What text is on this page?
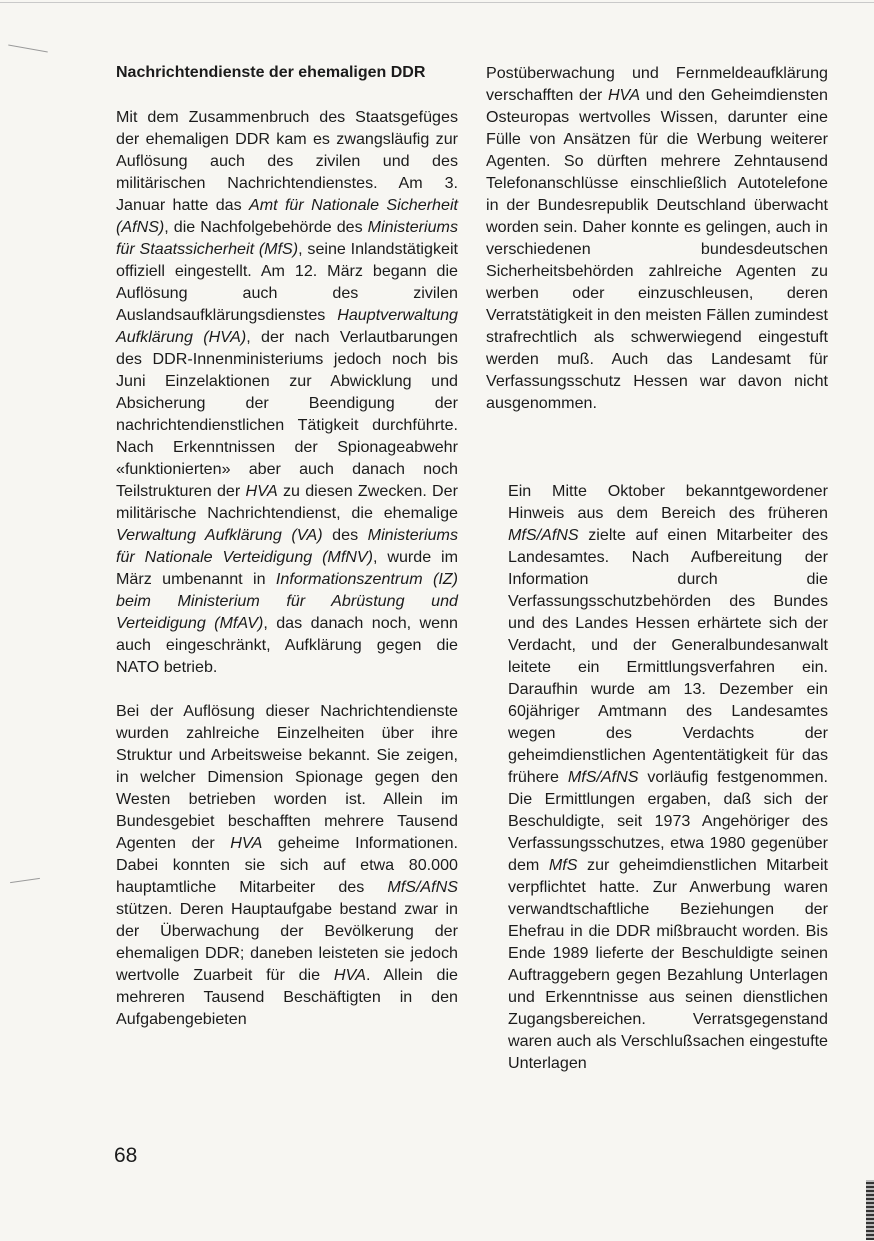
Nachrichtendienste der ehemaligen DDR

Mit dem Zusammenbruch des Staatsgefüges der ehemaligen DDR kam es zwangsläufig zur Auflösung auch des zivilen und des militärischen Nachrichtendienstes. Am 3. Januar hatte das Amt für Nationale Sicherheit (AfNS), die Nachfolgebehörde des Ministeriums für Staatssicherheit (MfS), seine Inlandstätigkeit offiziell eingestellt. Am 12. März begann die Auflösung auch des zivilen Auslandsaufklärungsdienstes Hauptverwaltung Aufklärung (HVA), der nach Verlautbarungen des DDR-Innenministeriums jedoch noch bis Juni Einzelaktionen zur Abwicklung und Absicherung der Beendigung der nachrichtendienstlichen Tätigkeit durchführte. Nach Erkenntnissen der Spionageabwehr «funktionierten» aber auch danach noch Teilstrukturen der HVA zu diesen Zwecken. Der militärische Nachrichtendienst, die ehemalige Verwaltung Aufklärung (VA) des Ministeriums für Nationale Verteidigung (MfNV), wurde im März umbenannt in Informationszentrum (IZ) beim Ministerium für Abrüstung und Verteidigung (MfAV), das danach noch, wenn auch eingeschränkt, Aufklärung gegen die NATO betrieb.

Bei der Auflösung dieser Nachrichtendienste wurden zahlreiche Einzelheiten über ihre Struktur und Arbeitsweise bekannt. Sie zeigen, in welcher Dimension Spionage gegen den Westen betrieben worden ist. Allein im Bundesgebiet beschafften mehrere Tausend Agenten der HVA geheime Informationen. Dabei konnten sie sich auf etwa 80.000 hauptamtliche Mitarbeiter des MfS/AfNS stützen. Deren Hauptaufgabe bestand zwar in der Überwachung der Bevölkerung der ehemaligen DDR; daneben leisteten sie jedoch wertvolle Zuarbeit für die HVA. Allein die mehreren Tausend Beschäftigten in den Aufgabengebieten

Postüberwachung und Fernmeldeaufklärung verschafften der HVA und den Geheimdiensten Osteuropas wertvolles Wissen, darunter eine Fülle von Ansätzen für die Werbung weiterer Agenten. So dürften mehrere Zehntausend Telefonanschlüsse einschließlich Autotelefone in der Bundesrepublik Deutschland überwacht worden sein. Daher konnte es gelingen, auch in verschiedenen bundesdeutschen Sicherheitsbehörden zahlreiche Agenten zu werben oder einzuschleusen, deren Verratstätigkeit in den meisten Fällen zumindest strafrechtlich als schwerwiegend eingestuft werden muß. Auch das Landesamt für Verfassungsschutz Hessen war davon nicht ausgenommen.

Ein Mitte Oktober bekanntgewordener Hinweis aus dem Bereich des früheren MfS/AfNS zielte auf einen Mitarbeiter des Landesamtes. Nach Aufbereitung der Information durch die Verfassungsschutzbehörden des Bundes und des Landes Hessen erhärtete sich der Verdacht, und der Generalbundesanwalt leitete ein Ermittlungsverfahren ein. Daraufhin wurde am 13. Dezember ein 60jähriger Amtmann des Landesamtes wegen des Verdachts der geheimdienstlichen Agententätigkeit für das frühere MfS/AfNS vorläufig festgenommen. Die Ermittlungen ergaben, daß sich der Beschuldigte, seit 1973 Angehöriger des Verfassungsschutzes, etwa 1980 gegenüber dem MfS zur geheimdienstlichen Mitarbeit verpflichtet hatte. Zur Anwerbung waren verwandtschaftliche Beziehungen der Ehefrau in die DDR mißbraucht worden. Bis Ende 1989 lieferte der Beschuldigte seinen Auftraggebern gegen Bezahlung Unterlagen und Erkenntnisse aus seinen dienstlichen Zugangsbereichen. Verratsgegenstand waren auch als Verschlußsachen eingestufte Unterlagen

68
